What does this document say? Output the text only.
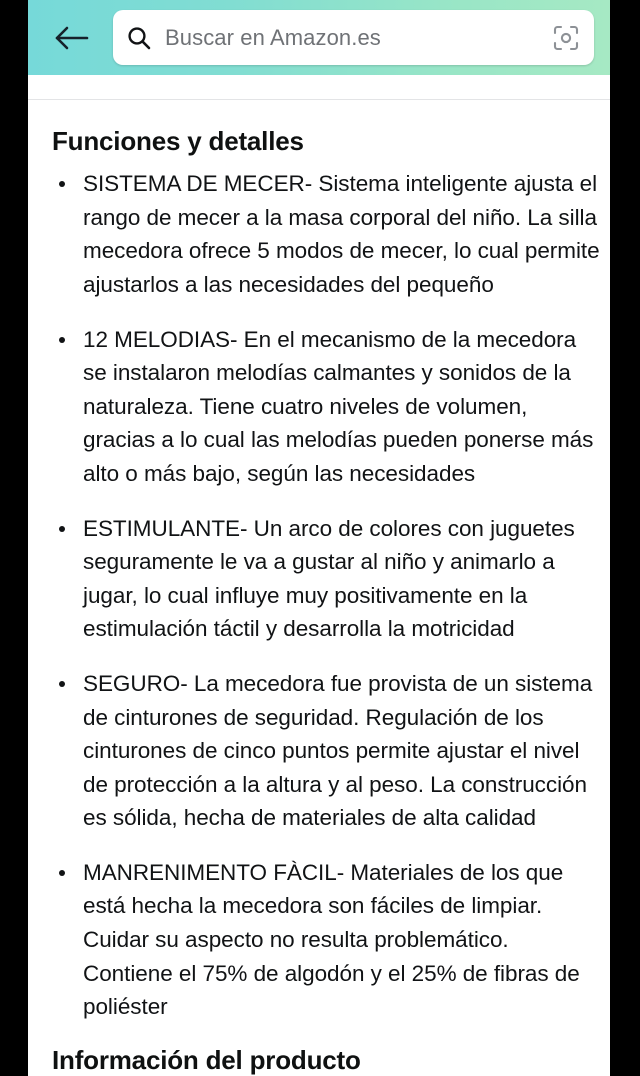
Buscar en Amazon.es
Funciones y detalles
SISTEMA DE MECER- Sistema inteligente ajusta el rango de mecer a la masa corporal del niño. La silla mecedora ofrece 5 modos de mecer, lo cual permite ajustarlos a las necesidades del pequeño
12 MELODIAS- En el mecanismo de la mecedora se instalaron melodías calmantes y sonidos de la naturaleza. Tiene cuatro niveles de volumen, gracias a lo cual las melodías pueden ponerse más alto o más bajo, según las necesidades
ESTIMULANTE- Un arco de colores con juguetes seguramente le va a gustar al niño y animarlo a jugar, lo cual influye muy positivamente en la estimulación táctil y desarrolla la motricidad
SEGURO- La mecedora fue provista de un sistema de cinturones de seguridad. Regulación de los cinturones de cinco puntos permite ajustar el nivel de protección a la altura y al peso. La construcción es sólida, hecha de materiales de alta calidad
MANRENIMENTO FÀCIL- Materiales de los que está hecha la mecedora son fáciles de limpiar. Cuidar su aspecto no resulta problemático. Contiene el 75% de algodón y el 25% de fibras de poliéster
Información del producto
